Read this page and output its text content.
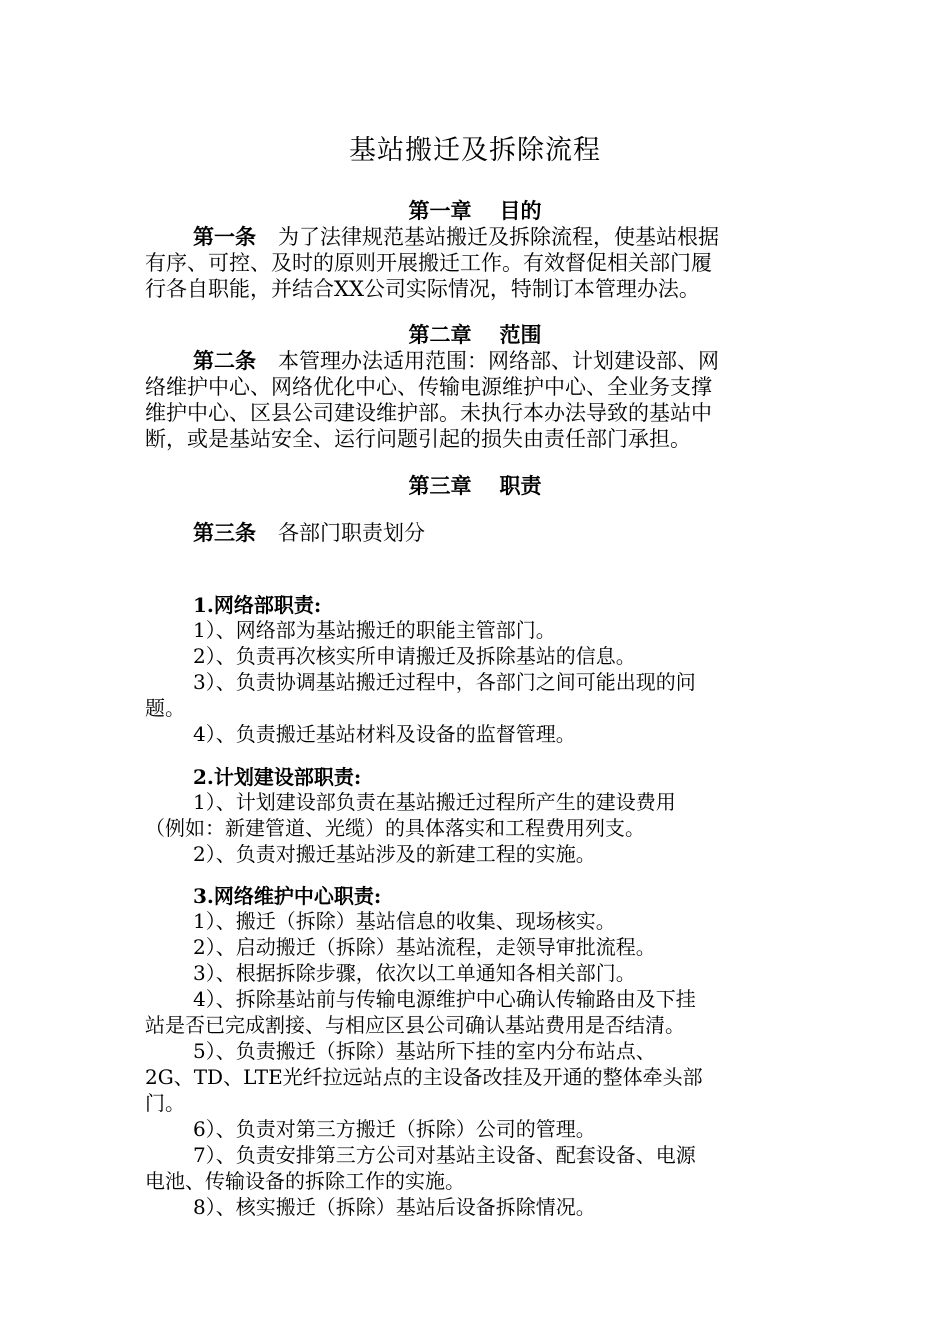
基站搬迁及拆除流程
第一章 目的
第一条 为了法律规范基站搬迁及拆除流程，使基站根据
有序、可控、及时的原则开展搬迁工作。有效督促相关部门履
行各自职能，并结合XX公司实际情况，特制订本管理办法。
第二章 范围
第二条 本管理办法适用范围：网络部、计划建设部、网
络维护中心、网络优化中心、传输电源维护中心、全业务支撑
维护中心、区县公司建设维护部。未执行本办法导致的基站中
断，或是基站安全、运行问题引起的损失由责任部门承担。
第三章 职责
第三条 各部门职责划分
1.网络部职责:
1）、网络部为基站搬迁的职能主管部门。
2）、负责再次核实所申请搬迁及拆除基站的信息。
3）、负责协调基站搬迁过程中，各部门之间可能出现的问
题。
4）、负责搬迁基站材料及设备的监督管理。
2.计划建设部职责:
1）、计划建设部负责在基站搬迁过程所产生的建设费用
（例如：新建管道、光缆）的具体落实和工程费用列支。
2）、负责对搬迁基站涉及的新建工程的实施。
3.网络维护中心职责:
1）、搬迁（拆除）基站信息的收集、现场核实。
2）、启动搬迁（拆除）基站流程，走领导审批流程。
3）、根据拆除步骤，依次以工单通知各相关部门。
4）、拆除基站前与传输电源维护中心确认传输路由及下挂
站是否已完成割接、与相应区县公司确认基站费用是否结清。
5）、负责搬迁（拆除）基站所下挂的室内分布站点、
2G、TD、LTE光纤拉远站点的主设备改挂及开通的整体牵头部
门。
6）、负责对第三方搬迁（拆除）公司的管理。
7）、负责安排第三方公司对基站主设备、配套设备、电源
电池、传输设备的拆除工作的实施。
8）、核实搬迁（拆除）基站后设备拆除情况。
